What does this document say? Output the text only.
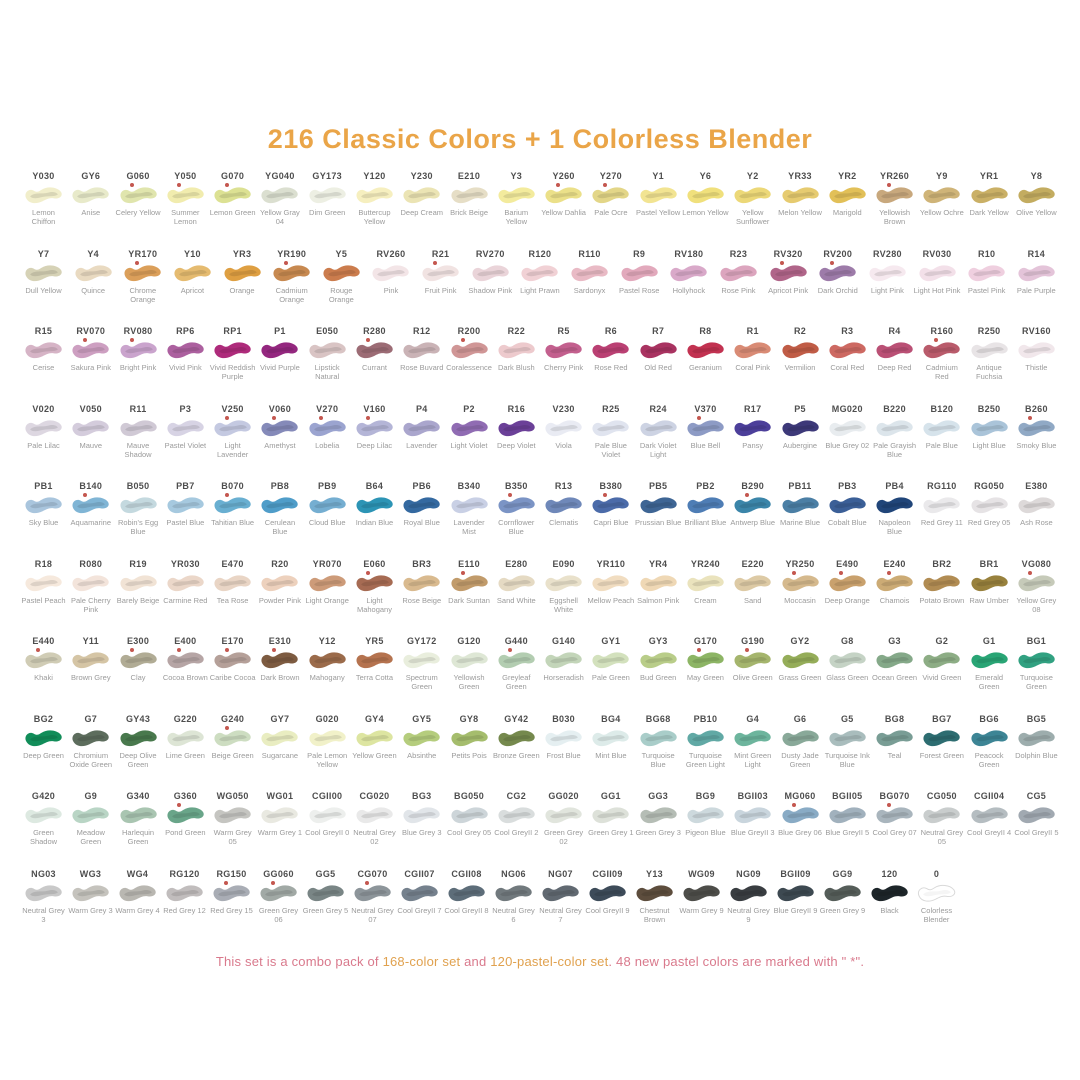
216 Classic Colors + 1 Colorless Blender
Y030
Lemon Chiffon
GY6
Anise
G060
Celery Yellow
Y050
Summer Lemon
G070
Lemon Green
YG040
Yellow Gray 04
GY173
Dim Green
Y120
Buttercup Yellow
Y230
Deep Cream
E210
Brick Beige
Y3
Barium Yellow
Y260
Yellow Dahlia
Y270
Pale Ocre
Y1
Pastel Yellow
Y6
Lemon Yellow
Y2
Yellow Sunflower
YR33
Melon Yellow
YR2
Marigold
YR260
Yellowish Brown
Y9
Yellow Ochre
YR1
Dark Yellow
Y8
Olive Yellow
Y7
Dull Yellow
Y4
Quince
YR170
Chrome Orange
Y10
Apricot
YR3
Orange
YR190
Cadmium Orange
Y5
Rouge Orange
RV260
Pink
R21
Fruit Pink
RV270
Shadow Pink
R120
Light Prawn
R110
Sardonyx
R9
Pastel Rose
RV180
Hollyhock
R23
Rose Pink
RV320
Apricot Pink
RV200
Dark Orchid
RV280
Light Pink
RV030
Light Hot Pink
R10
Pastel Pink
R14
Pale Purple
R15
Cerise
RV070
Sakura Pink
RV080
Bright Pink
RP6
Vivid Pink
RP1
Vivid Reddish Purple
P1
Vivid Purple
E050
Lipstick Natural
R280
Currant
R12
Rose Buvard
R200
Coralessence
R22
Dark Blush
R5
Cherry Pink
R6
Rose Red
R7
Old Red
R8
Geranium
R1
Coral Pink
R2
Vermilion
R3
Coral Red
R4
Deep Red
R160
Cadmium Red
R250
Antique Fuchsia
RV160
Thistle
V020
Pale Lilac
V050
Mauve
R11
Mauve Shadow
P3
Pastel Violet
V250
Light Lavender
V060
Amethyst
V270
Lobelia
V160
Deep Lilac
P4
Lavender
P2
Light Violet
R16
Deep Violet
V230
Viola
R25
Pale Blue Violet
R24
Dark Violet Light
V370
Blue Bell
R17
Pansy
P5
Aubergine
MG020
Blue Grey 02
B220
Pale Grayish Blue
B120
Pale Blue
B250
Light Blue
B260
Smoky Blue
PB1
Sky Blue
B140
Aquamarine
B050
Robin's Egg Blue
PB7
Pastel Blue
B070
Tahitian Blue
PB8
Cerulean Blue
PB9
Cloud Blue
B64
Indian Blue
PB6
Royal Blue
B340
Lavender Mist
B350
Cornflower Blue
R13
Clematis
B380
Capri Blue
PB5
Prussian Blue
PB2
Brilliant Blue
B290
Antwerp Blue
PB11
Marine Blue
PB3
Cobalt Blue
PB4
Napoleon Blue
RG110
Red Grey 11
RG050
Red Grey 05
E380
Ash Rose
R18
Pastel Peach
R080
Pale Cherry Pink
R19
Barely Beige
YR030
Carmine Red
E470
Tea Rose
R20
Powder Pink
YR070
Light Orange
E060
Light Mahogany
BR3
Rose Beige
E110
Dark Suntan
E280
Sand White
E090
Eggshell White
YR110
Mellow Peach
YR4
Salmon Pink
YR240
Cream
E220
Sand
YR250
Moccasin
E490
Deep Orange
E240
Chamois
BR2
Potato Brown
BR1
Raw Umber
VG080
Yellow Grey 08
E440
Khaki
Y11
Brown Grey
E300
Clay
E400
Cocoa Brown
E170
Caribe Cocoa
E310
Dark Brown
Y12
Mahogany
YR5
Terra Cotta
GY172
Spectrum Green
G120
Yellowish Green
G440
Greyleaf Green
G140
Horseradish
GY1
Pale Green
GY3
Bud Green
G170
May Green
G190
Olive Green
GY2
Grass Green
G8
Glass Green
G3
Ocean Green
G2
Vivid Green
G1
Emerald Green
BG1
Turquoise Green
BG2
Deep Green
G7
Chromium Oxide Green
GY43
Deep Olive Green
G220
Lime Green
G240
Beige Green
GY7
Sugarcane
G020
Pale Lemon Yellow
GY4
Yellow Green
GY5
Absinthe
GY8
Petits Pois
GY42
Bronze Green
B030
Frost Blue
BG4
Mint Blue
BG68
Turquoise Blue
PB10
Turquoise Green Light
G4
Mint Green Light
G6
Dusty Jade Green
G5
Turquoise Ink Blue
BG8
Teal
BG7
Forest Green
BG6
Peacock Green
BG5
Dolphin Blue
G420
Green Shadow
G9
Meadow Green
G340
Harlequin Green
G360
Pond Green
WG050
Warm Grey 05
WG01
Warm Grey 1
CGII00
Cool GreyII 0
CG020
Neutral Grey 02
BG3
Blue Grey 3
BG050
Cool Grey 05
CG2
Cool GreyII 2
GG020
Green Grey 02
GG1
Green Grey 1
GG3
Green Grey 3
BG9
Pigeon Blue
BGII03
Blue GreyII 3
MG060
Blue Grey 06
BGII05
Blue GreyII 5
BG070
Cool Grey 07
CG050
Neutral Grey 05
CGII04
Cool GreyII 4
CG5
Cool GreyII 5
NG03
Neutral Grey 3
WG3
Warm Grey 3
WG4
Warm Grey 4
RG120
Red Grey 12
RG150
Red Grey 15
GG060
Green Grey 06
GG5
Green Grey 5
CG070
Neutral Grey 07
CGII07
Cool GreyII 7
CGII08
Cool GreyII 8
NG06
Neutral Grey 6
NG07
Neutral Grey 7
CGII09
Cool GreyII 9
Y13
Chestnut Brown
WG09
Warm Grey 9
NG09
Neutral Grey 9
BGII09
Blue GreyII 9
GG9
Green Grey 9
120
Black
0
Colorless Blender
This set is a combo pack of 168-color set and 120-pastel-color set. 48 new pastel colors are marked with " *".
